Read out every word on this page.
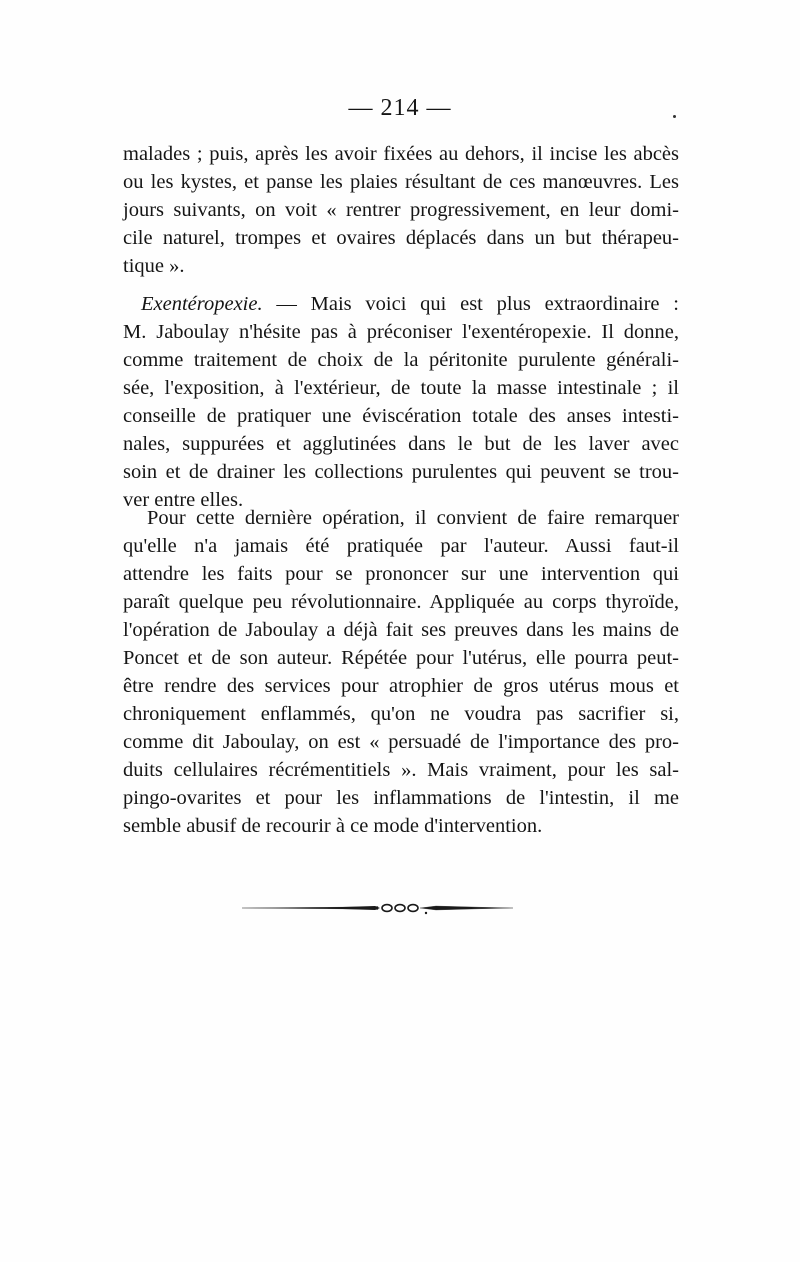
— 214 —
malades ; puis, après les avoir fixées au dehors, il incise les abcès
ou les kystes, et panse les plaies résultant de ces manœuvres. Les
jours suivants, on voit « rentrer progressivement, en leur domi-
cile naturel, trompes et ovaires déplacés dans un but thérapeu-
tique ».
Exentéropexie. — Mais voici qui est plus extraordinaire :
M. Jaboulay n'hésite pas à préconiser l'exentéropexie. Il donne,
comme traitement de choix de la péritonite purulente générali-
sée, l'exposition, à l'extérieur, de toute la masse intestinale ; il
conseille de pratiquer une éviscération totale des anses intesti-
nales, suppurées et agglutinées dans le but de les laver avec
soin et de drainer les collections purulentes qui peuvent se trou-
ver entre elles.
Pour cette dernière opération, il convient de faire remarquer
qu'elle n'a jamais été pratiquée par l'auteur. Aussi faut-il
attendre les faits pour se prononcer sur une intervention qui
paraît quelque peu révolutionnaire. Appliquée au corps thyroïde,
l'opération de Jaboulay a déjà fait ses preuves dans les mains de
Poncet et de son auteur. Répétée pour l'utérus, elle pourra peut-
être rendre des services pour atrophier de gros utérus mous et
chroniquement enflammés, qu'on ne voudra pas sacrifier si,
comme dit Jaboulay, on est « persuadé de l'importance des pro-
duits cellulaires récrémentitiels ». Mais vraiment, pour les sal-
pingo-ovarites et pour les inflammations de l'intestin, il me
semble abusif de recourir à ce mode d'intervention.
